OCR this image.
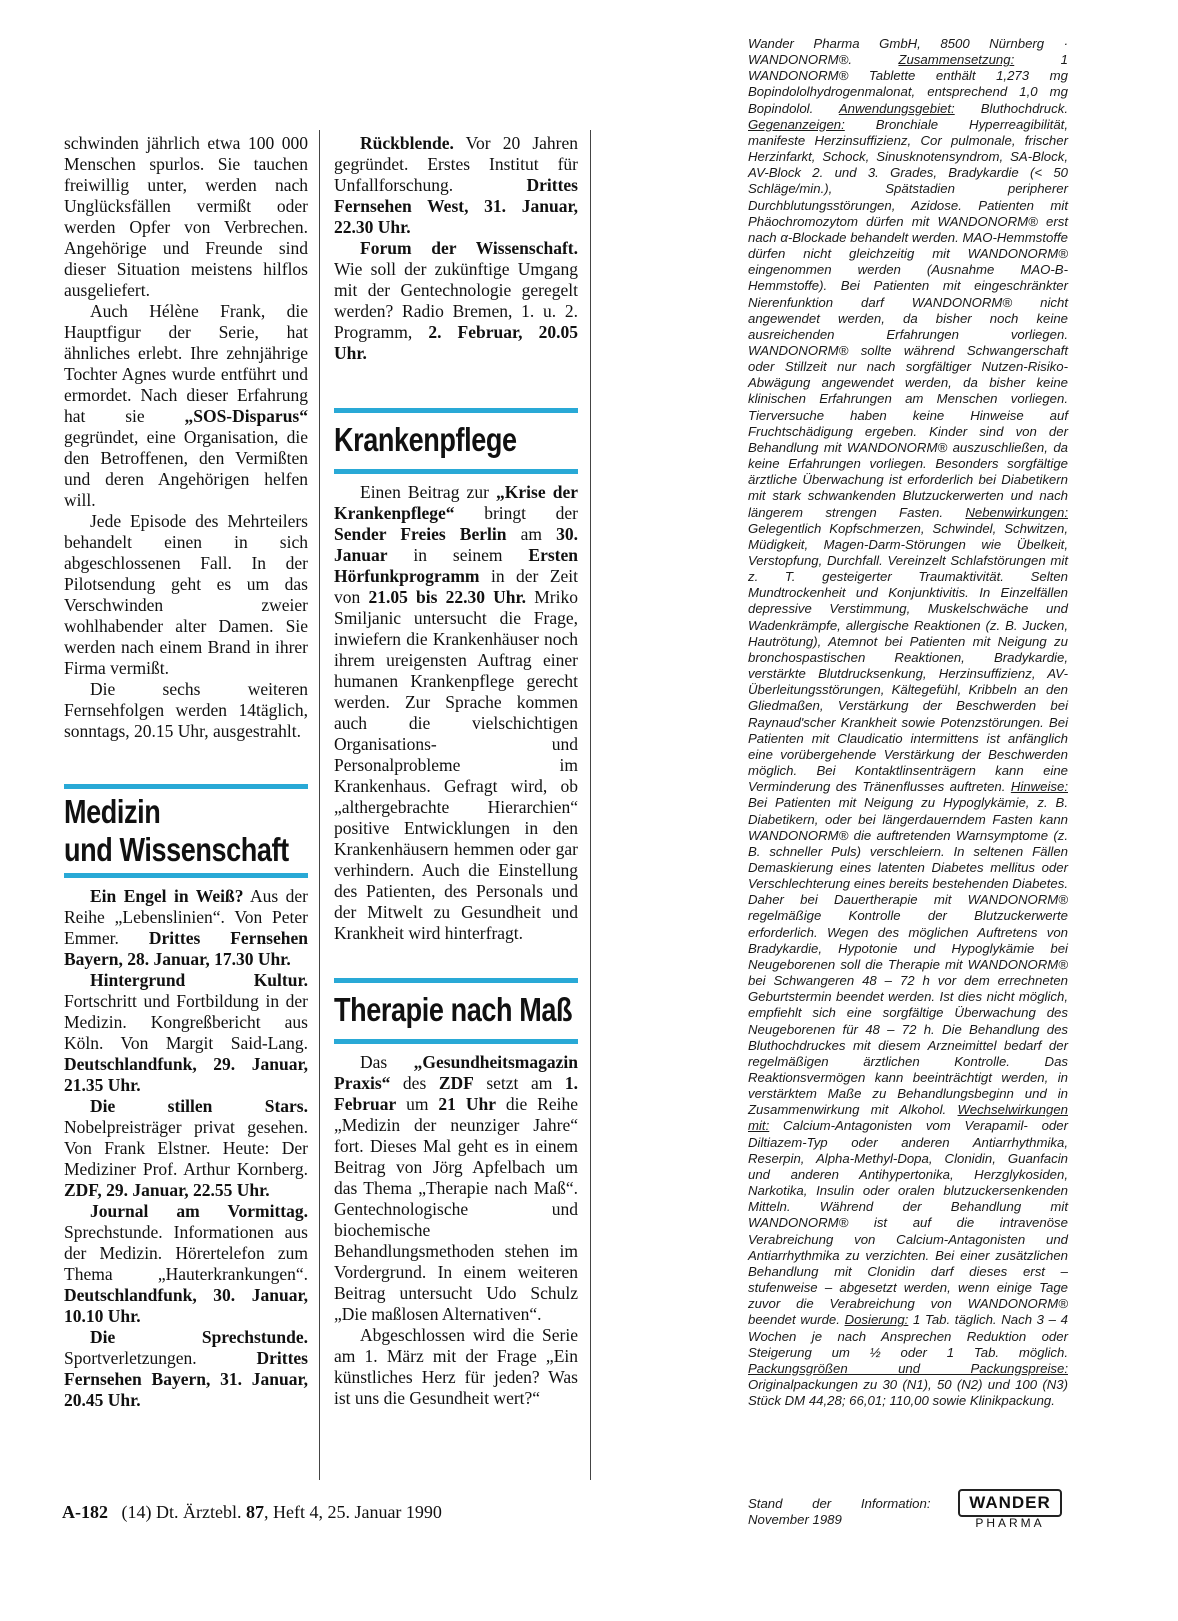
schwinden jährlich etwa 100 000 Menschen spurlos. Sie tauchen freiwillig unter, werden nach Unglücksfällen vermißt oder werden Opfer von Verbrechen. Angehörige und Freunde sind dieser Situation meistens hilflos ausgeliefert.

Auch Hélène Frank, die Hauptfigur der Serie, hat ähnliches erlebt. Ihre zehnjährige Tochter Agnes wurde entführt und ermordet. Nach dieser Erfahrung hat sie „SOS-Disparus“ gegründet, eine Organisation, die den Betroffenen, den Vermißten und deren Angehörigen helfen will.

Jede Episode des Mehrteilers behandelt einen in sich abgeschlossenen Fall. In der Pilotsendung geht es um das Verschwinden zweier wohlhabender alter Damen. Sie werden nach einem Brand in ihrer Firma vermißt.

Die sechs weiteren Fernsehfolgen werden 14täglich, sonntags, 20.15 Uhr, ausgestrahlt.

Medizin
und Wissenschaft

Ein Engel in Weiß? Aus der Reihe „Lebenslinien“. Von Peter Emmer. Drittes Fernsehen Bayern, 28. Januar, 17.30 Uhr.

Hintergrund Kultur. Fortschritt und Fortbildung in der Medizin. Kongreßbericht aus Köln. Von Margit Said-Lang. Deutschlandfunk, 29. Januar, 21.35 Uhr.

Die stillen Stars. Nobelpreisträger privat gesehen. Von Frank Elstner. Heute: Der Mediziner Prof. Arthur Kornberg. ZDF, 29. Januar, 22.55 Uhr.

Journal am Vormittag. Sprechstunde. Informationen aus der Medizin. Hörertelefon zum Thema „Hauterkrankungen“. Deutschlandfunk, 30. Januar, 10.10 Uhr.

Die Sprechstunde. Sportverletzungen. Drittes Fernsehen Bayern, 31. Januar, 20.45 Uhr.

Rückblende. Vor 20 Jahren gegründet. Erstes Institut für Unfallforschung. Drittes Fernsehen West, 31. Januar, 22.30 Uhr.

Forum der Wissenschaft. Wie soll der zukünftige Umgang mit der Gentechnologie geregelt werden? Radio Bremen, 1. u. 2. Programm, 2. Februar, 20.05 Uhr.

Krankenpflege

Einen Beitrag zur „Krise der Krankenpflege“ bringt der Sender Freies Berlin am 30. Januar in seinem Ersten Hörfunkprogramm in der Zeit von 21.05 bis 22.30 Uhr. Mriko Smiljanic untersucht die Frage, inwiefern die Krankenhäuser noch ihrem ureigensten Auftrag einer humanen Krankenpflege gerecht werden. Zur Sprache kommen auch die vielschichtigen Organisations- und Personalprobleme im Krankenhaus. Gefragt wird, ob „althergebrachte Hierarchien“ positive Entwicklungen in den Krankenhäusern hemmen oder gar verhindern. Auch die Einstellung des Patienten, des Personals und der Mitwelt zu Gesundheit und Krankheit wird hinterfragt.

Therapie nach Maß

Das „Gesundheitsmagazin Praxis“ des ZDF setzt am 1. Februar um 21 Uhr die Reihe „Medizin der neunziger Jahre“ fort. Dieses Mal geht es in einem Beitrag von Jörg Apfelbach um das Thema „Therapie nach Maß“. Gentechnologische und biochemische Behandlungsmethoden stehen im Vordergrund. In einem weiteren Beitrag untersucht Udo Schulz „Die maßlosen Alternativen“.

Abgeschlossen wird die Serie am 1. März mit der Frage „Ein künstliches Herz für jeden? Was ist uns die Gesundheit wert?“

Wander Pharma GmbH, 8500 Nürnberg · WANDONORM®. Zusammensetzung: 1 WANDONORM® Tablette enthält 1,273 mg Bopindololhydrogenmalonat, entsprechend 1,0 mg Bopindolol. Anwendungsgebiet: Bluthochdruck. Gegenanzeigen: Bronchiale Hyperreagibilität, manifeste Herzinsuffizienz, Cor pulmonale, frischer Herzinfarkt, Schock, Sinusknotensyndrom, SA-Block, AV-Block 2. und 3. Grades, Bradykardie (< 50 Schläge/min.), Spätstadien peripherer Durchblutungsstörungen, Azidose. Patienten mit Phäochromozytom dürfen mit WANDONORM® erst nach α-Blockade behandelt werden. MAO-Hemmstoffe dürfen nicht gleichzeitig mit WANDONORM® eingenommen werden (Ausnahme MAO-B-Hemmstoffe). Bei Patienten mit eingeschränkter Nierenfunktion darf WANDONORM® nicht angewendet werden, da bisher noch keine ausreichenden Erfahrungen vorliegen. WANDONORM® sollte während Schwangerschaft oder Stillzeit nur nach sorgfältiger Nutzen-Risiko-Abwägung angewendet werden, da bisher keine klinischen Erfahrungen am Menschen vorliegen. Tierversuche haben keine Hinweise auf Fruchtschädigung ergeben. Kinder sind von der Behandlung mit WANDONORM® auszuschließen, da keine Erfahrungen vorliegen. Besonders sorgfältige ärztliche Überwachung ist erforderlich bei Diabetikern mit stark schwankenden Blutzuckerwerten und nach längerem strengen Fasten. Nebenwirkungen: Gelegentlich Kopfschmerzen, Schwindel, Schwitzen, Müdigkeit, Magen-Darm-Störungen wie Übelkeit, Verstopfung, Durchfall. Vereinzelt Schlafstörungen mit z. T. gesteigerter Traumaktivität. Selten Mundtrockenheit und Konjunktivitis. In Einzelfällen depressive Verstimmung, Muskelschwäche und Wadenkrämpfe, allergische Reaktionen (z. B. Jucken, Hautrötung), Atemnot bei Patienten mit Neigung zu bronchospastischen Reaktionen, Bradykardie, verstärkte Blutdrucksenkung, Herzinsuffizienz, AV-Überleitungsstörungen, Kältegefühl, Kribbeln an den Gliedmaßen, Verstärkung der Beschwerden bei Raynaud'scher Krankheit sowie Potenzstörungen. Bei Patienten mit Claudicatio intermittens ist anfänglich eine vorübergehende Verstärkung der Beschwerden möglich. Bei Kontaktlinsenträgern kann eine Verminderung des Tränenflusses auftreten. Hinweise: Bei Patienten mit Neigung zu Hypoglykämie, z. B. Diabetikern, oder bei längerdauerndem Fasten kann WANDONORM® die auftretenden Warnsymptome (z. B. schneller Puls) verschleiern. In seltenen Fällen Demaskierung eines latenten Diabetes mellitus oder Verschlechterung eines bereits bestehenden Diabetes. Daher bei Dauertherapie mit WANDONORM® regelmäßige Kontrolle der Blutzuckerwerte erforderlich. Wegen des möglichen Auftretens von Bradykardie, Hypotonie und Hypoglykämie bei Neugeborenen soll die Therapie mit WANDONORM® bei Schwangeren 48 – 72 h vor dem errechneten Geburtstermin beendet werden. Ist dies nicht möglich, empfiehlt sich eine sorgfältige Überwachung des Neugeborenen für 48 – 72 h. Die Behandlung des Bluthochdruckes mit diesem Arzneimittel bedarf der regelmäßigen ärztlichen Kontrolle. Das Reaktionsvermögen kann beeinträchtigt werden, in verstärktem Maße zu Behandlungsbeginn und in Zusammenwirkung mit Alkohol. Wechselwirkungen mit: Calcium-Antagonisten vom Verapamil- oder Diltiazem-Typ oder anderen Antiarrhythmika, Reserpin, Alpha-Methyl-Dopa, Clonidin, Guanfacin und anderen Antihypertonika, Herzglykosiden, Narkotika, Insulin oder oralen blutzuckersenkenden Mitteln. Während der Behandlung mit WANDONORM® ist auf die intravenöse Verabreichung von Calcium-Antagonisten und Antiarrhythmika zu verzichten. Bei einer zusätzlichen Behandlung mit Clonidin darf dieses erst – stufenweise – abgesetzt werden, wenn einige Tage zuvor die Verabreichung von WANDONORM® beendet wurde. Dosierung: 1 Tab. täglich. Nach 3 – 4 Wochen je nach Ansprechen Reduktion oder Steigerung um ½ oder 1 Tab. möglich. Packungsgrößen und Packungspreise: Originalpackungen zu 30 (N1), 50 (N2) und 100 (N3) Stück DM 44,28; 66,01; 110,00 sowie Klinikpackung.
Stand der Information:
November 1989
WANDER
PHARMA
A-182 (14) Dt. Ärztebl. 87, Heft 4, 25. Januar 1990
